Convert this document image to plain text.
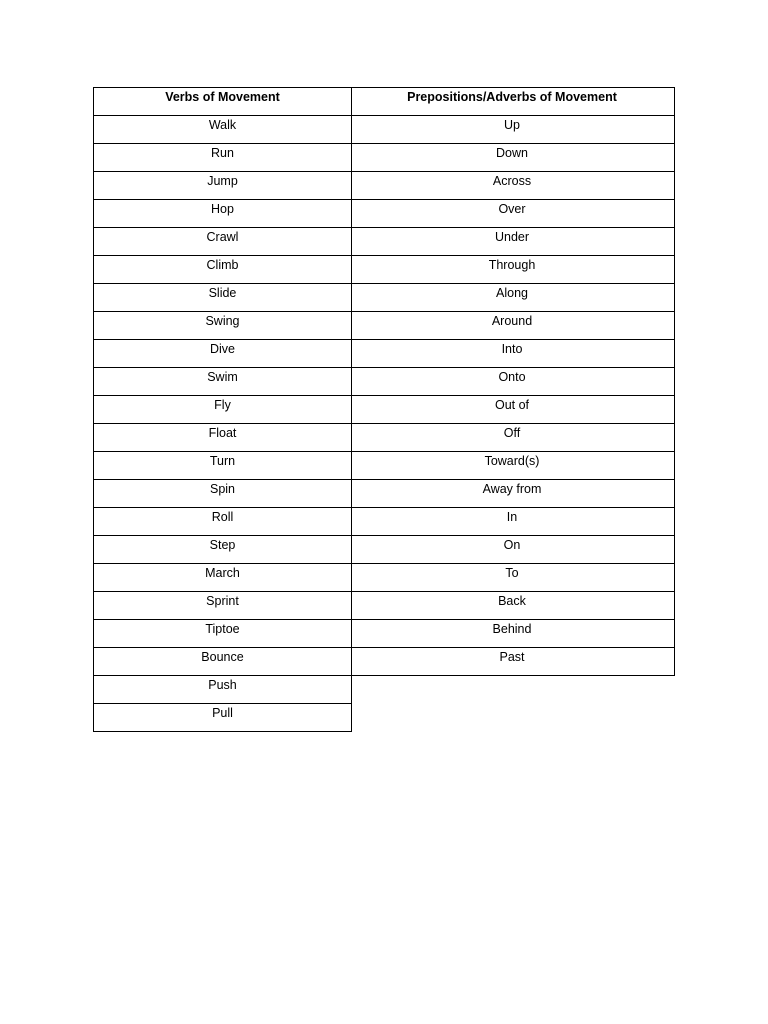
Verbs of Movement
Walk
Run
Jump
Hop
Crawl
Climb
Slide
Swing
Dive
Swim
Fly
Float
Turn
Spin
Roll
Step
March
Sprint
Tiptoe
Bounce
Push
Pull
Prepositions/Adverbs of Movement
Up
Down
Across
Over
Under
Through
Along
Around
Into
Onto
Out of
Off
Toward(s)
Away from
In
On
To
Back
Behind
Past
